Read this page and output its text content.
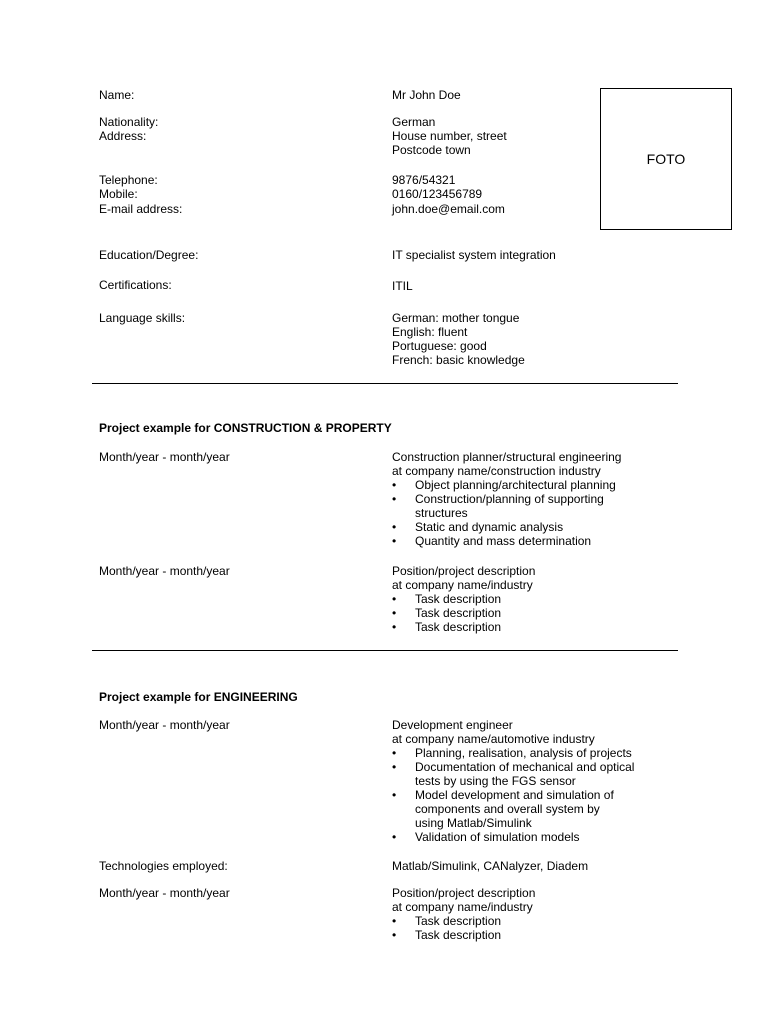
Name:	Mr John Doe
Nationality:	German
Address:	House number, street
Postcode town
FOTO
Telephone:	9876/54321
Mobile:	0160/123456789
E-mail address:	john.doe@email.com
Education/Degree:	IT specialist system integration
Certifications:	ITIL
Language skills:	German: mother tongue
English: fluent
Portuguese: good
French: basic knowledge
Project example for CONSTRUCTION & PROPERTY
Month/year - month/year	Construction planner/structural engineering
at company name/construction industry
• Object planning/architectural planning
• Construction/planning of supporting structures
• Static and dynamic analysis
• Quantity and mass determination
Month/year - month/year	Position/project description
at company name/industry
• Task description
• Task description
• Task description
Project example for ENGINEERING
Month/year - month/year	Development engineer
at company name/automotive industry
• Planning, realisation, analysis of projects
• Documentation of mechanical and optical tests by using the FGS sensor
• Model development and simulation of components and overall system by using Matlab/Simulink
• Validation of simulation models
Technologies employed:	Matlab/Simulink, CANalyzer, Diadem
Month/year - month/year	Position/project description
at company name/industry
• Task description
• Task description
